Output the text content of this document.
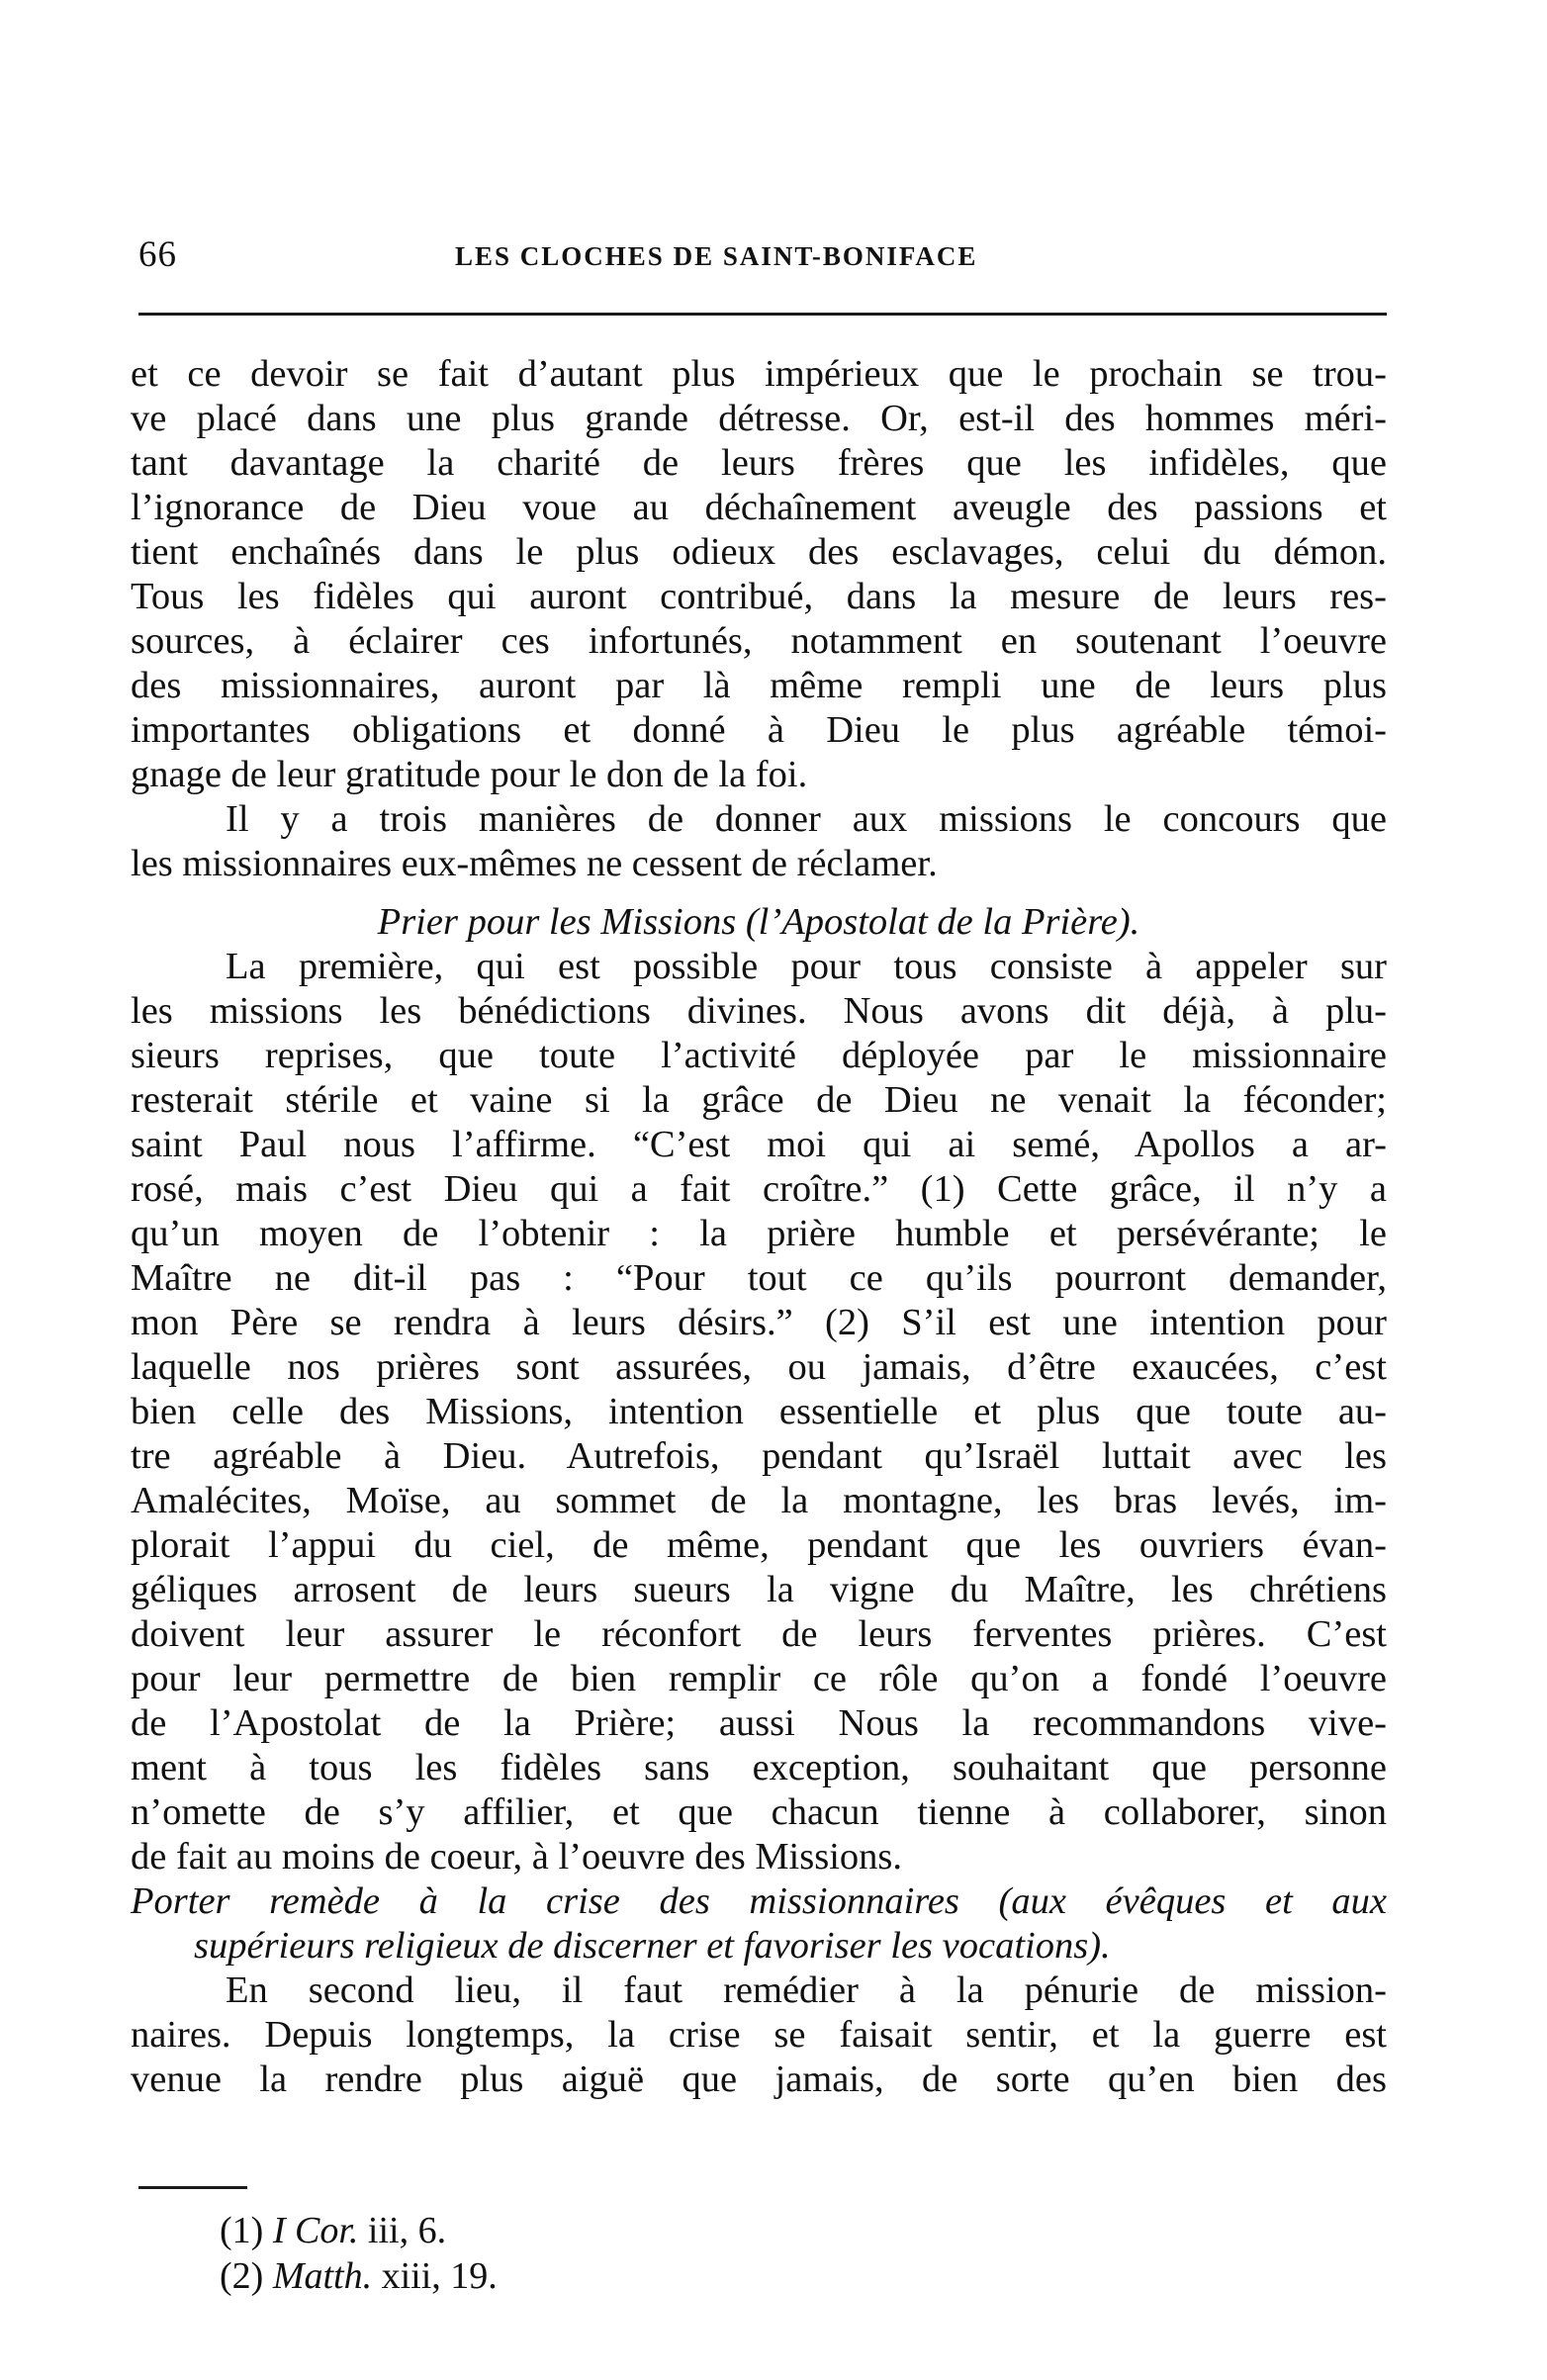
66	LES CLOCHES DE SAINT-BONIFACE
et ce devoir se fait d’autant plus impérieux que le prochain se trou-
ve placé dans une plus grande détresse. Or, est-il des hommes méri-
tant davantage la charité de leurs frères que les infidèles, que
l’ignorance de Dieu voue au déchaînement aveugle des passions et
tient enchaînés dans le plus odieux des esclavages, celui du démon.
Tous les fidèles qui auront contribué, dans la mesure de leurs res-
sources, à éclairer ces infortunés, notamment en soutenant l’oeuvre
des missionnaires, auront par là même rempli une de leurs plus
importantes obligations et donné à Dieu le plus agréable témoi-
gnage de leur gratitude pour le don de la foi.
Il y a trois manières de donner aux missions le concours que
les missionnaires eux-mêmes ne cessent de réclamer.
Prier pour les Missions (l’Apostolat de la Prière).
La première, qui est possible pour tous consiste à appeler sur
les missions les bénédictions divines. Nous avons dit déjà, à plu-
sieurs reprises, que toute l’activité déployée par le missionnaire
resterait stérile et vaine si la grâce de Dieu ne venait la féconder;
saint Paul nous l’affirme. “C’est moi qui ai semé, Apollos a ar-
rosé, mais c’est Dieu qui a fait croître.” (1) Cette grâce, il n’y a
qu’un moyen de l’obtenir : la prière humble et persévérante; le
Maître ne dit-il pas : “Pour tout ce qu’ils pourront demander,
mon Père se rendra à leurs désirs.” (2) S’il est une intention pour
laquelle nos prières sont assurées, ou jamais, d’être exaucées, c’est
bien celle des Missions, intention essentielle et plus que toute au-
tre agréable à Dieu. Autrefois, pendant qu’Israël luttait avec les
Amalécites, Moïse, au sommet de la montagne, les bras levés, im-
plorait l’appui du ciel, de même, pendant que les ouvriers évan-
géliques arrosent de leurs sueurs la vigne du Maître, les chrétiens
doivent leur assurer le réconfort de leurs ferventes prières. C’est
pour leur permettre de bien remplir ce rôle qu’on a fondé l’oeuvre
de l’Apostolat de la Prière; aussi Nous la recommandons vive-
ment à tous les fidèles sans exception, souhaitant que personne
n’omette de s’y affilier, et que chacun tienne à collaborer, sinon
de fait au moins de coeur, à l’oeuvre des Missions.
Porter remède à la crise des missionnaires (aux évêques et aux
supérieurs religieux de discerner et favoriser les vocations).
En second lieu, il faut remédier à la pénurie de mission-
naires. Depuis longtemps, la crise se faisait sentir, et la guerre est
venue la rendre plus aiguë que jamais, de sorte qu’en bien des
(1) I Cor. iii, 6.
(2) Matth. xiii, 19.
